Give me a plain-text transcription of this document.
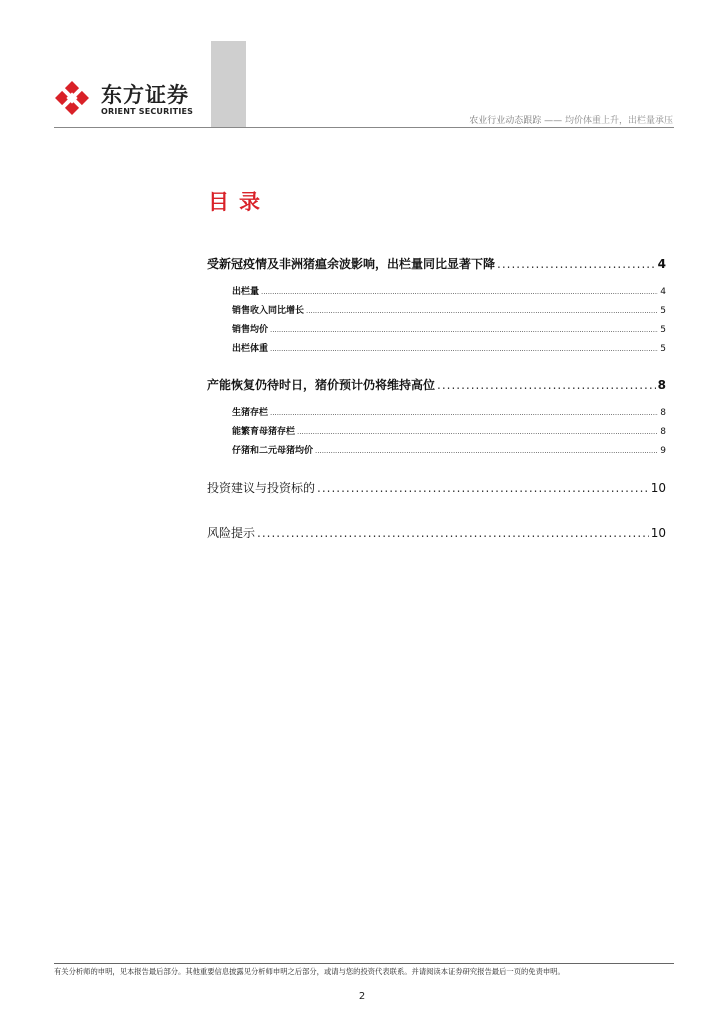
东方证券
ORIENT SECURITIES
农业行业动态跟踪 —— 均价体重上升，出栏量承压
目录
受新冠疫情及非洲猪瘟余波影响，出栏量同比显著下降 .....	4
出栏量 .....	4
销售收入同比增长 .....	5
销售均价 .....	5
出栏体重 .....	5
产能恢复仍待时日，猪价预计仍将维持高位 .....	8
生猪存栏 .....	8
能繁育母猪存栏 .....	8
仔猪和二元母猪均价 .....	9
投资建议与投资标的 .....	10
风险提示 .....	10
有关分析师的申明，见本报告最后部分。其他重要信息披露见分析师申明之后部分，或请与您的投资代表联系。并请阅读本证券研究报告最后一页的免责申明。
2
